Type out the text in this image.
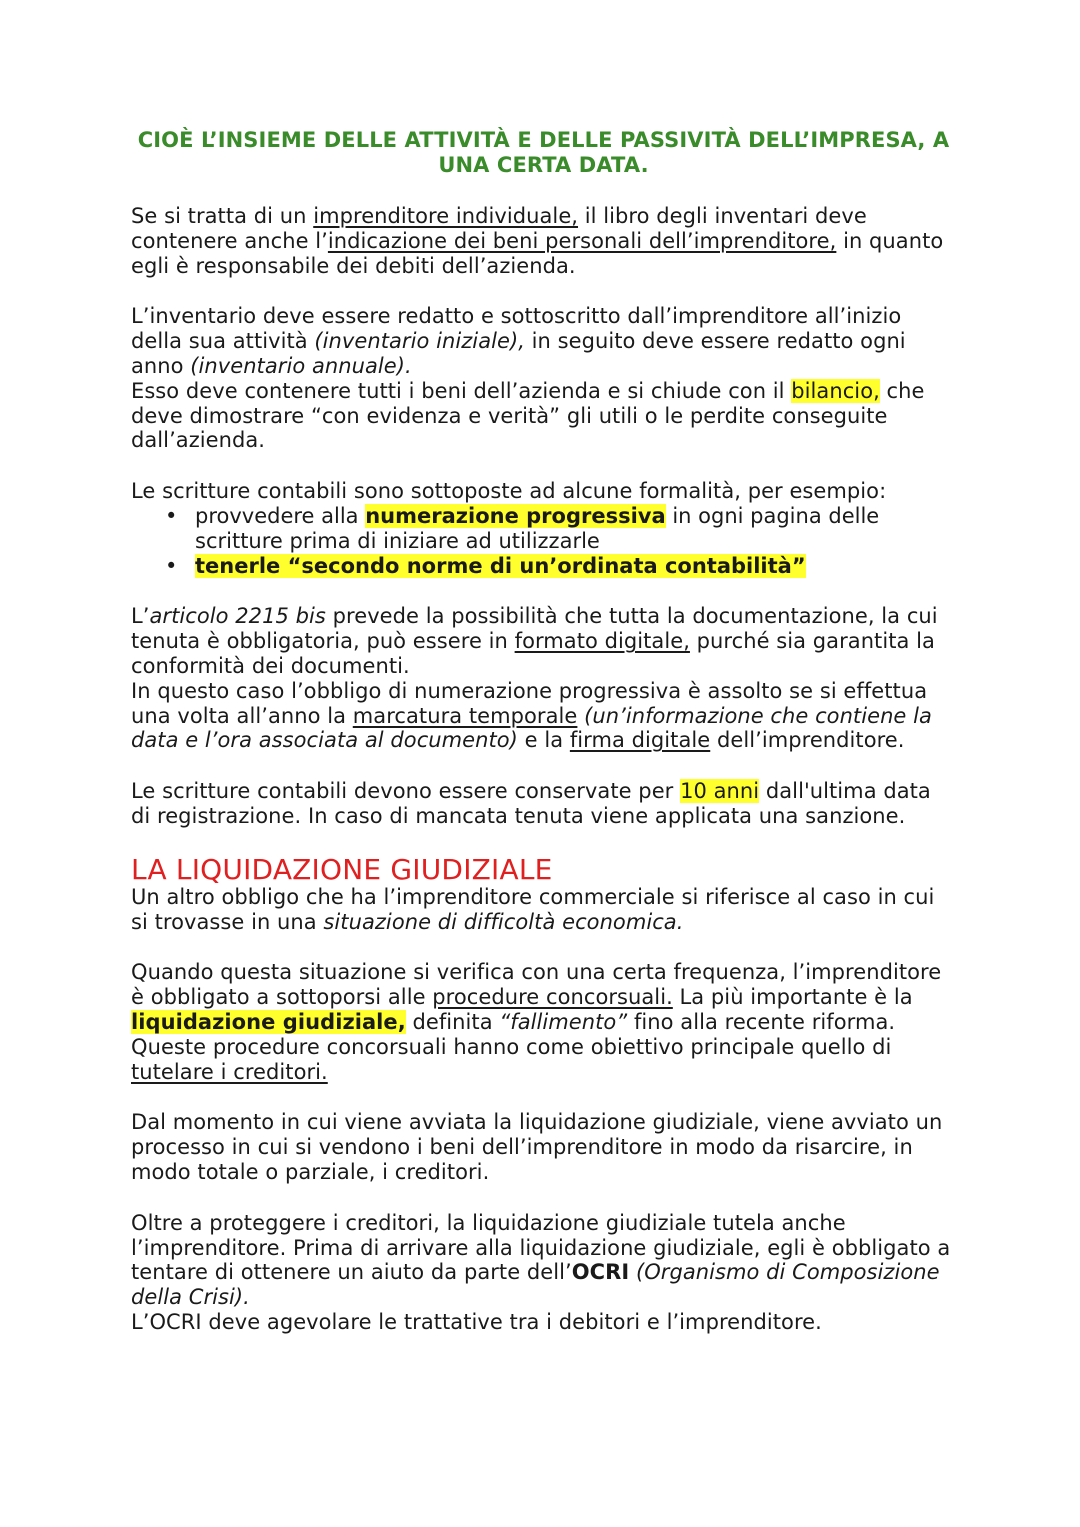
CIOÈ L’INSIEME DELLE ATTIVITÀ E DELLE PASSIVITÀ DELL’IMPRESA, A
UNA CERTA DATA.

Se si tratta di un imprenditore individuale, il libro degli inventari deve contenere anche l’indicazione dei beni personali dell’imprenditore, in quanto egli è responsabile dei debiti dell’azienda.

L’inventario deve essere redatto e sottoscritto dall’imprenditore all’inizio della sua attività (inventario iniziale), in seguito deve essere redatto ogni anno (inventario annuale).

Esso deve contenere tutti i beni dell’azienda e si chiude con il bilancio, che deve dimostrare “con evidenza e verità” gli utili o le perdite conseguite dall’azienda.

Le scritture contabili sono sottoposte ad alcune formalità, per esempio:

• provvedere alla numerazione progressiva in ogni pagina delle scritture prima di iniziare ad utilizzarle
• tenerle “secondo norme di un’ordinata contabilità”

L’articolo 2215 bis prevede la possibilità che tutta la documentazione, la cui tenuta è obbligatoria, può essere in formato digitale, purché sia garantita la conformità dei documenti.

In questo caso l’obbligo di numerazione progressiva è assolto se si effettua una volta all’anno la marcatura temporale (un’informazione che contiene la data e l’ora associata al documento) e la firma digitale dell’imprenditore.

Le scritture contabili devono essere conservate per 10 anni dall'ultima data di registrazione. In caso di mancata tenuta viene applicata una sanzione.

LA LIQUIDAZIONE GIUDIZIALE

Un altro obbligo che ha l’imprenditore commerciale si riferisce al caso in cui si trovasse in una situazione di difficoltà economica.

Quando questa situazione si verifica con una certa frequenza, l’imprenditore è obbligato a sottoporsi alle procedure concorsuali. La più importante è la liquidazione giudiziale, definita “fallimento” fino alla recente riforma.

Queste procedure concorsuali hanno come obiettivo principale quello di tutelare i creditori.

Dal momento in cui viene avviata la liquidazione giudiziale, viene avviato un processo in cui si vendono i beni dell’imprenditore in modo da risarcire, in modo totale o parziale, i creditori.

Oltre a proteggere i creditori, la liquidazione giudiziale tutela anche l’imprenditore. Prima di arrivare alla liquidazione giudiziale, egli è obbligato a tentare di ottenere un aiuto da parte dell’OCRI (Organismo di Composizione della Crisi).

L’OCRI deve agevolare le trattative tra i debitori e l’imprenditore.
